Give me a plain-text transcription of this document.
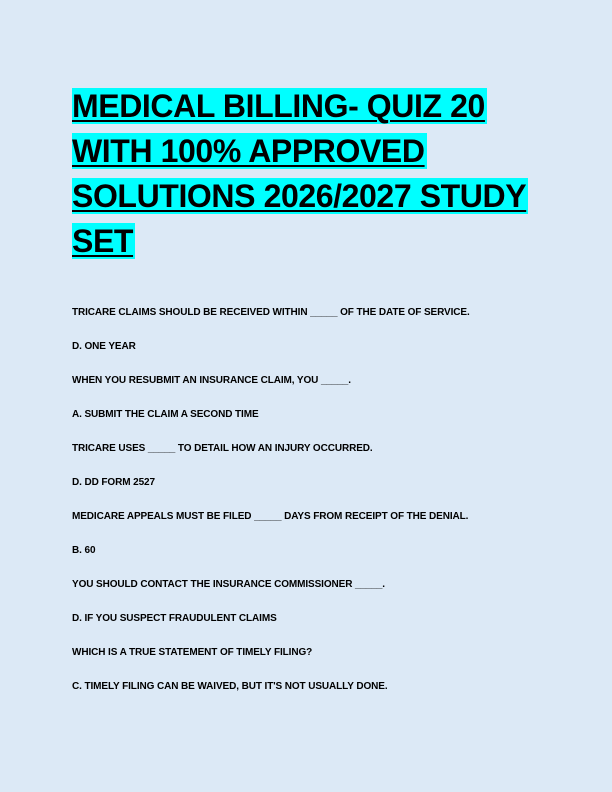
MEDICAL BILLING- QUIZ 20 WITH 100% APPROVED SOLUTIONS 2026/2027 STUDY SET
TRICARE CLAIMS SHOULD BE RECEIVED WITHIN _____ OF THE DATE OF SERVICE.
D. ONE YEAR
WHEN YOU RESUBMIT AN INSURANCE CLAIM, YOU _____.
A. SUBMIT THE CLAIM A SECOND TIME
TRICARE USES _____ TO DETAIL HOW AN INJURY OCCURRED.
D. DD FORM 2527
MEDICARE APPEALS MUST BE FILED _____ DAYS FROM RECEIPT OF THE DENIAL.
B. 60
YOU SHOULD CONTACT THE INSURANCE COMMISSIONER _____.
D. IF YOU SUSPECT FRAUDULENT CLAIMS
WHICH IS A TRUE STATEMENT OF TIMELY FILING?
C. TIMELY FILING CAN BE WAIVED, BUT IT'S NOT USUALLY DONE.
